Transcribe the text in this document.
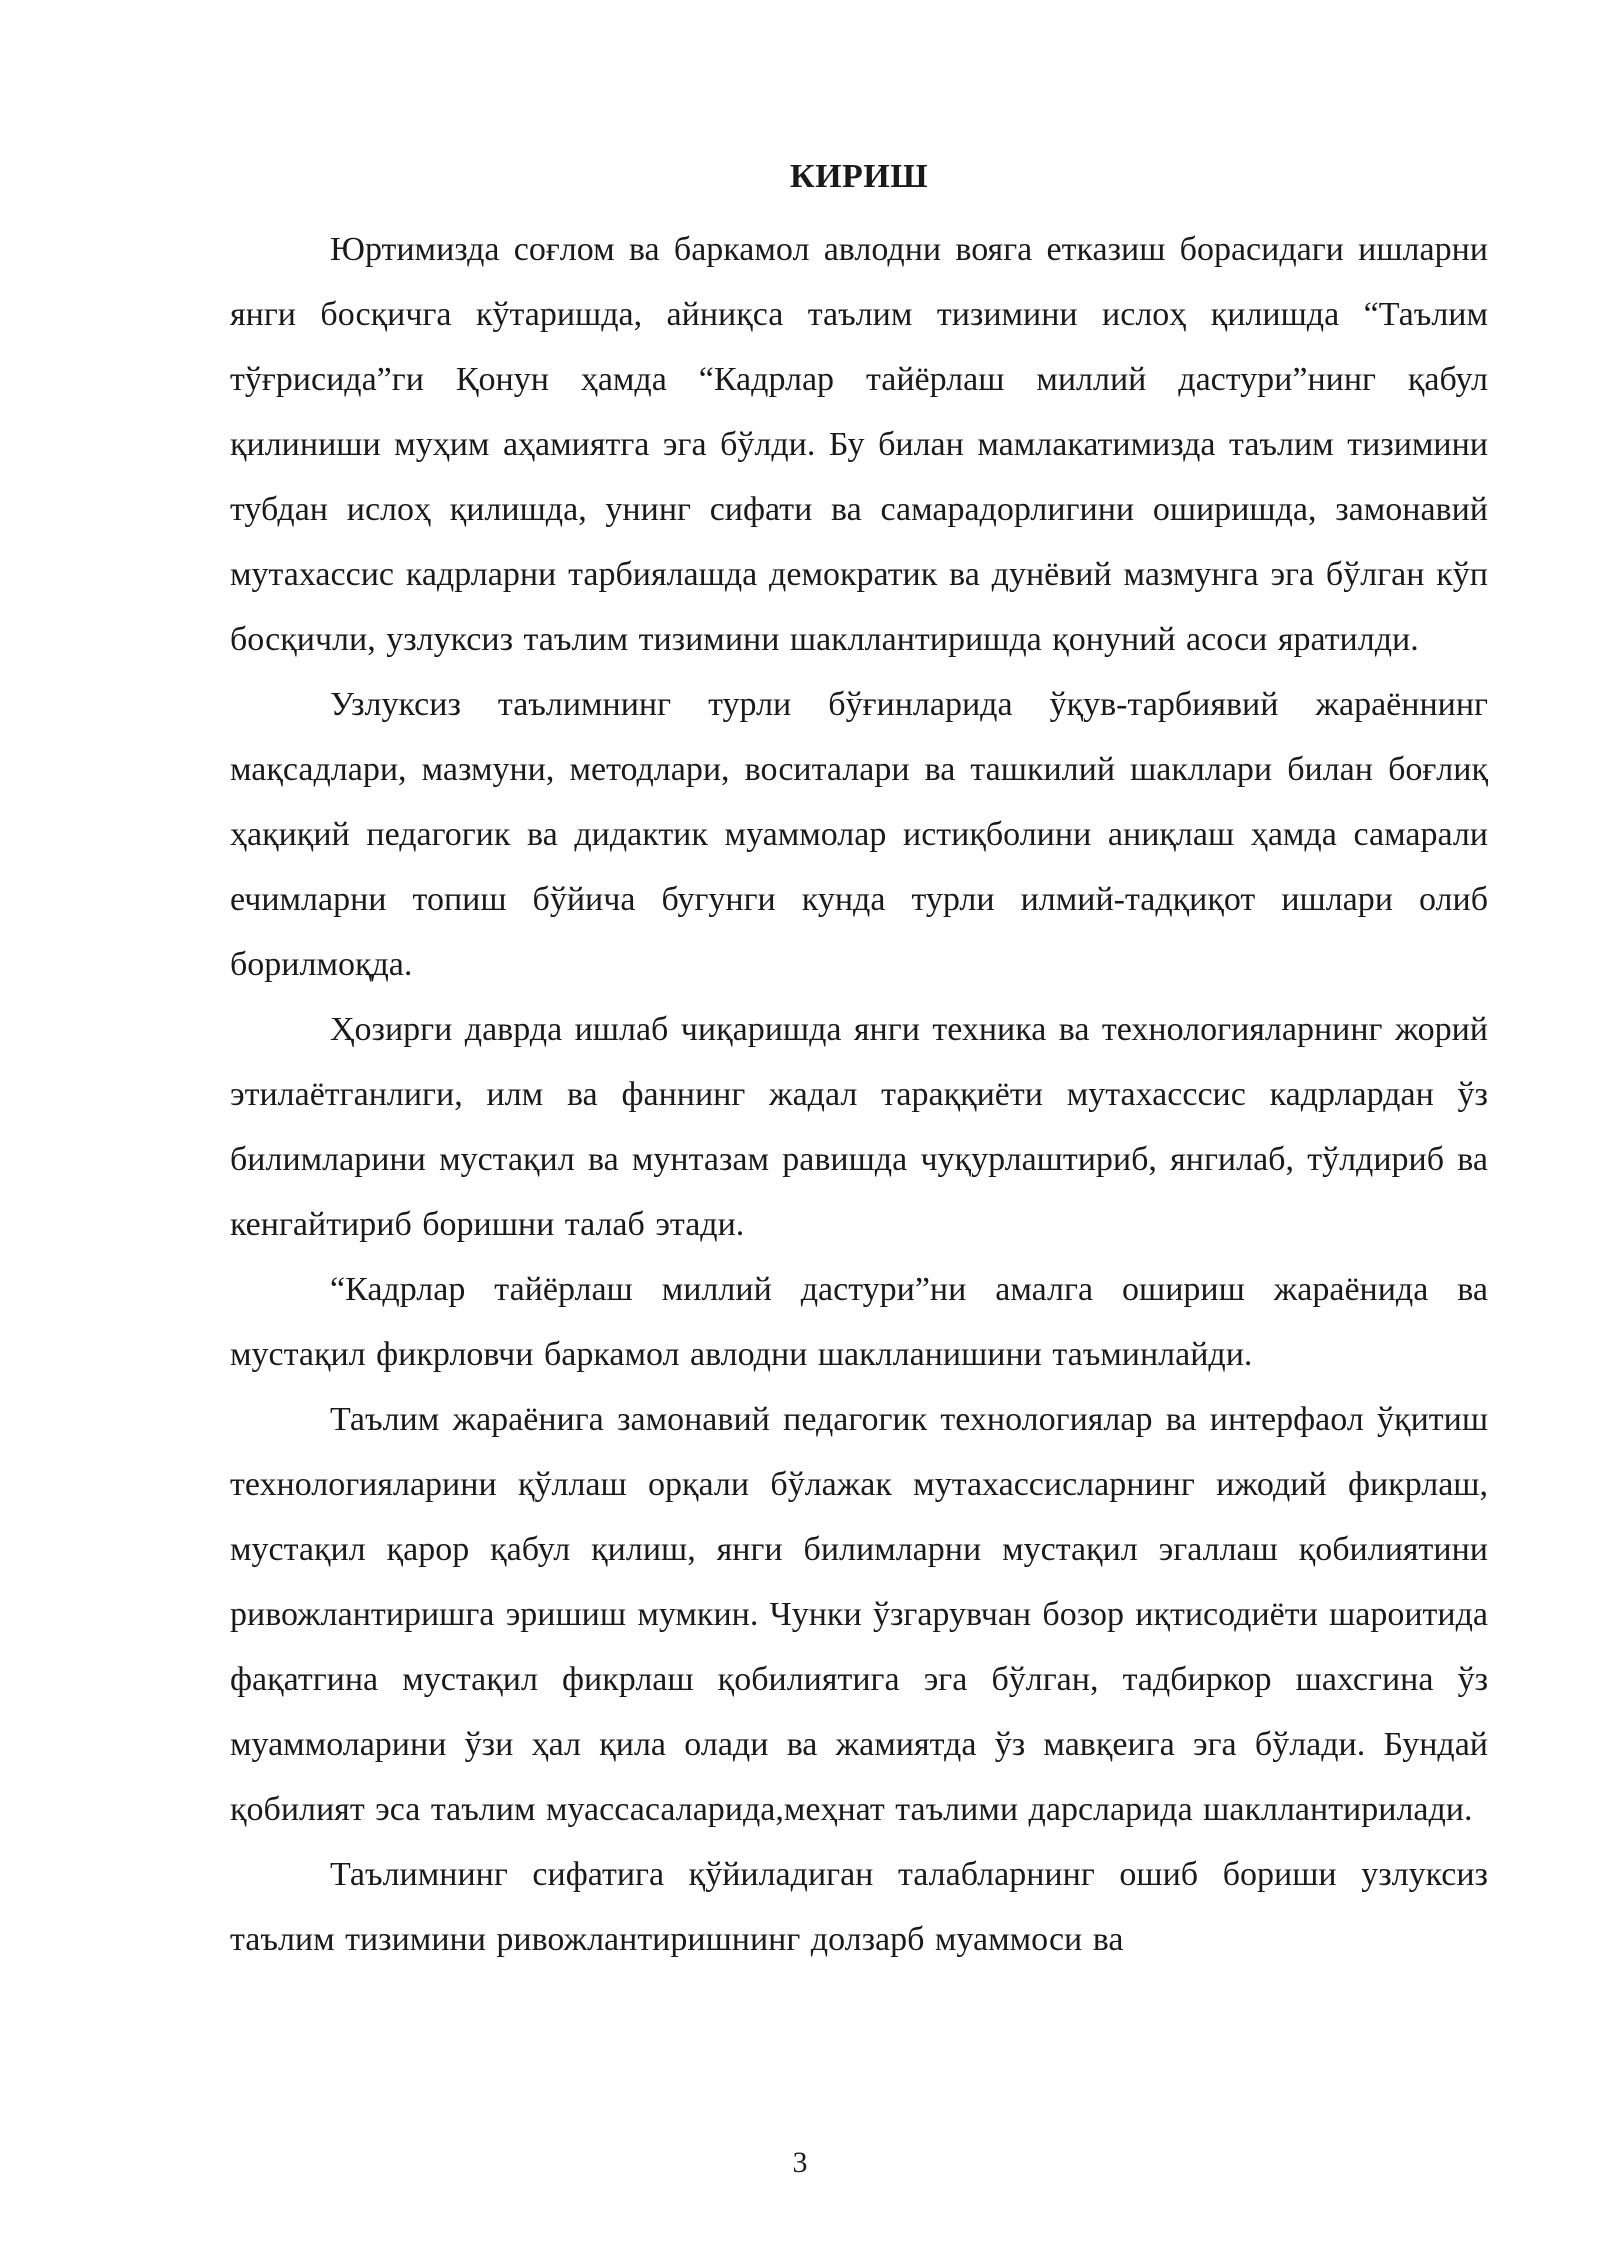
КИРИШ

Юртимизда соғлом ва баркамол авлодни вояга етказиш борасидаги ишларни янги босқичга кўтаришда, айниқса таълим тизимини ислоҳ қилишда “Таълим тўғрисида”ги Қонун ҳамда “Кадрлар тайёрлаш миллий дастури”нинг қабул қилиниши муҳим аҳамиятга эга бўлди. Бу билан мамлакатимизда таълим тизимини тубдан ислоҳ қилишда, унинг сифати ва самарадорлигини оширишда, замонавий мутахассис кадрларни тарбиялашда демократик ва дунёвий мазмунга эга бўлган кўп босқичли, узлуксиз таълим тизимини шакллантиришда қонуний асоси яратилди.

Узлуксиз таълимнинг турли бўғинларида ўқув-тарбиявий жараённинг мақсадлари, мазмуни, методлари, воситалари ва ташкилий шакллари билан боғлиқ ҳақиқий педагогик ва дидактик муаммолар истиқболини аниқлаш ҳамда самарали ечимларни топиш бўйича бугунги кунда турли илмий-тадқиқот ишлари олиб борилмоқда.

Ҳозирги даврда ишлаб чиқаришда янги техника ва технологияларнинг жорий этилаётганлиги, илм ва фаннинг жадал тараққиёти мутахасссис кадрлардан ўз билимларини мустақил ва мунтазам равишда чуқурлаштириб, янгилаб, тўлдириб ва кенгайтириб боришни талаб этади.

“Кадрлар тайёрлаш миллий дастури”ни амалга ошириш жараёнида ва мустақил фикрловчи баркамол авлодни шаклланишини таъминлайди.

Таълим жараёнига замонавий педагогик технологиялар ва интерфаол ўқитиш технологияларини қўллаш орқали бўлажак мутахассисларнинг ижодий фикрлаш, мустақил қарор қабул қилиш, янги билимларни мустақил эгаллаш қобилиятини ривожлантиришга эришиш мумкин. Чунки ўзгарувчан бозор иқтисодиёти шароитида фақатгина мустақил фикрлаш қобилиятига эга бўлган, тадбиркор шахсгина ўз муаммоларини ўзи ҳал қила олади ва жамиятда ўз мавқеига эга бўлади. Бундай қобилият эса таълим муассасаларида,меҳнат таълими дарсларида шакллантирилади.

Таълимнинг сифатига қўйиладиган талабларнинг ошиб бориши узлуксиз таълим тизимини ривожлантиришнинг долзарб муаммоси ва

3
